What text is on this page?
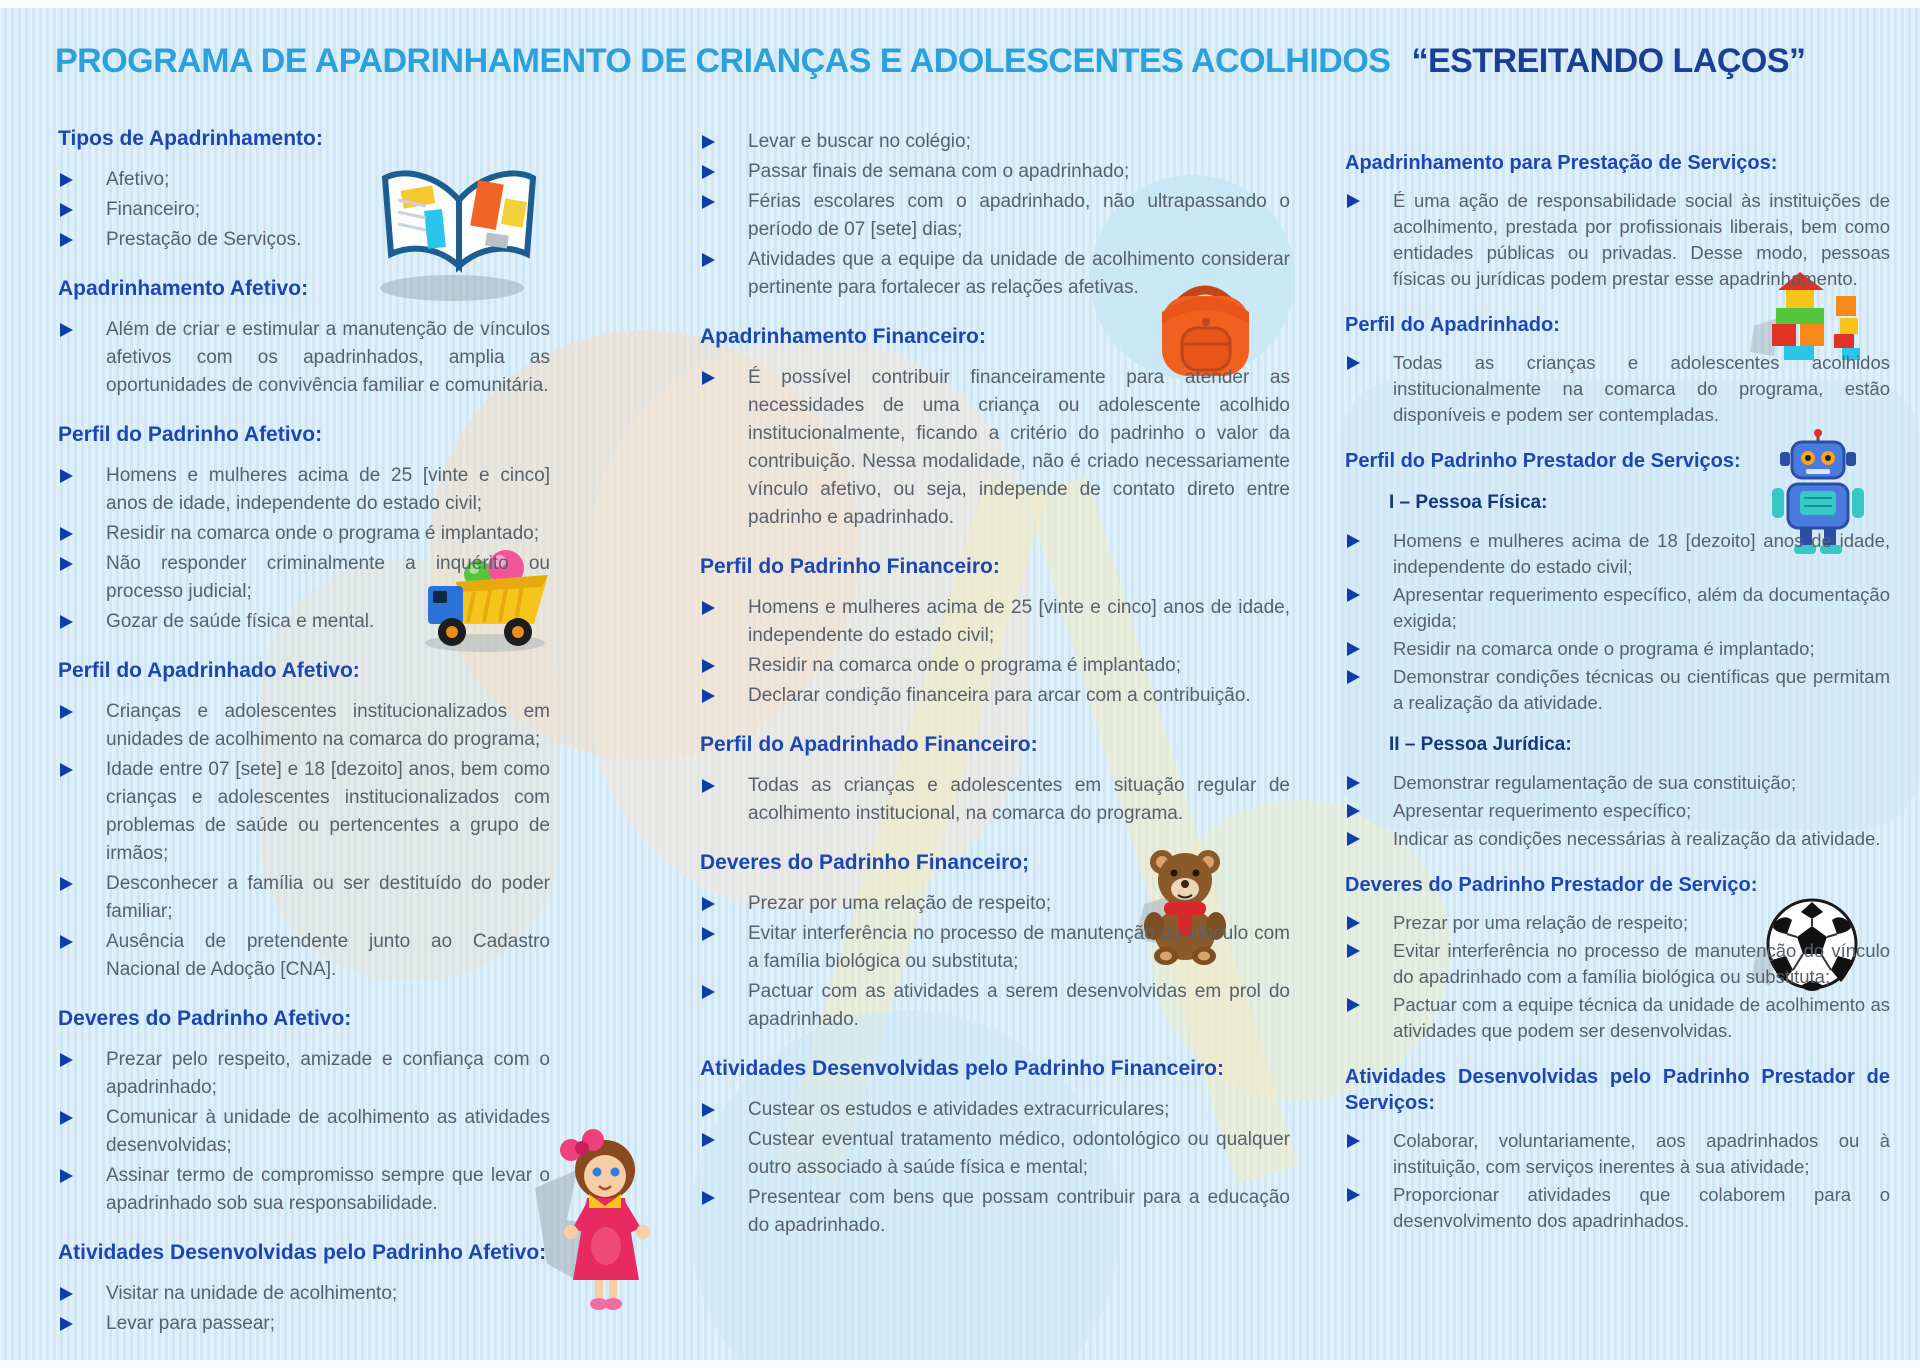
PROGRAMA DE APADRINHAMENTO DE CRIANÇAS E ADOLESCENTES ACOLHIDOS “ESTREITANDO LAÇOS”
Tipos de Apadrinhamento:
Afetivo;
Financeiro;
Prestação de Serviços.
Apadrinhamento Afetivo:
Além de criar e estimular a manutenção de vínculos afetivos com os apadrinhados, amplia as oportunidades de convivência familiar e comunitária.
Perfil do Padrinho Afetivo:
Homens e mulheres acima de 25 [vinte e cinco] anos de idade, independente do estado civil;
Residir na comarca onde o programa é implantado;
Não responder criminalmente a inquérito ou processo judicial;
Gozar de saúde física e mental.
Perfil do Apadrinhado Afetivo:
Crianças e adolescentes institucionalizados em unidades de acolhimento na comarca do programa;
Idade entre 07 [sete] e 18 [dezoito] anos, bem como crianças e adolescentes institucionalizados com problemas de saúde ou pertencentes a grupo de irmãos;
Desconhecer a família ou ser destituído do poder familiar;
Ausência de pretendente junto ao Cadastro Nacional de Adoção [CNA].
Deveres do Padrinho Afetivo:
Prezar pelo respeito, amizade e confiança com o apadrinhado;
Comunicar à unidade de acolhimento as atividades desenvolvidas;
Assinar termo de compromisso sempre que levar o apadrinhado sob sua responsabilidade.
Atividades Desenvolvidas pelo Padrinho Afetivo:
Visitar na unidade de acolhimento;
Levar para passear;
Levar e buscar no colégio;
Passar finais de semana com o apadrinhado;
Férias escolares com o apadrinhado, não ultrapassando o período de 07 [sete] dias;
Atividades que a equipe da unidade de acolhimento considerar pertinente para fortalecer as relações afetivas.
Apadrinhamento Financeiro:
É possível contribuir financeiramente para atender as necessidades de uma criança ou adolescente acolhido institucionalmente, ficando a critério do padrinho o valor da contribuição. Nessa modalidade, não é criado necessariamente vínculo afetivo, ou seja, independe de contato direto entre padrinho e apadrinhado.
Perfil do Padrinho Financeiro:
Homens e mulheres acima de 25 [vinte e cinco] anos de idade, independente do estado civil;
Residir na comarca onde o programa é implantado;
Declarar condição financeira para arcar com a contribuição.
Perfil do Apadrinhado Financeiro:
Todas as crianças e adolescentes em situação regular de acolhimento institucional, na comarca do programa.
Deveres do Padrinho Financeiro;
Prezar por uma relação de respeito;
Evitar interferência no processo de manutenção do vínculo com a família biológica ou substituta;
Pactuar com as atividades a serem desenvolvidas em prol do apadrinhado.
Atividades Desenvolvidas pelo Padrinho Financeiro:
Custear os estudos e atividades extracurriculares;
Custear eventual tratamento médico, odontológico ou qualquer outro associado à saúde física e mental;
Presentear com bens que possam contribuir para a educação do apadrinhado.
Apadrinhamento para Prestação de Serviços:
É uma ação de responsabilidade social às instituições de acolhimento, prestada por profissionais liberais, bem como entidades públicas ou privadas. Desse modo, pessoas físicas ou jurídicas podem prestar esse apadrinhamento.
Perfil do Apadrinhado:
Todas as crianças e adolescentes acolhidos institucionalmente na comarca do programa, estão disponíveis e podem ser contempladas.
Perfil do Padrinho Prestador de Serviços:
I – Pessoa Física:
Homens e mulheres acima de 18 [dezoito] anos de idade, independente do estado civil;
Apresentar requerimento específico, além da documentação exigida;
Residir na comarca onde o programa é implantado;
Demonstrar condições técnicas ou científicas que permitam a realização da atividade.
II – Pessoa Jurídica:
Demonstrar regulamentação de sua constituição;
Apresentar requerimento específico;
Indicar as condições necessárias à realização da atividade.
Deveres do Padrinho Prestador de Serviço:
Prezar por uma relação de respeito;
Evitar interferência no processo de manutenção do vínculo do apadrinhado com a família biológica ou substituta;
Pactuar com a equipe técnica da unidade de acolhimento as atividades que podem ser desenvolvidas.
Atividades Desenvolvidas pelo Padrinho Prestador de Serviços:
Colaborar, voluntariamente, aos apadrinhados ou à instituição, com serviços inerentes à sua atividade;
Proporcionar atividades que colaborem para o desenvolvimento dos apadrinhados.
